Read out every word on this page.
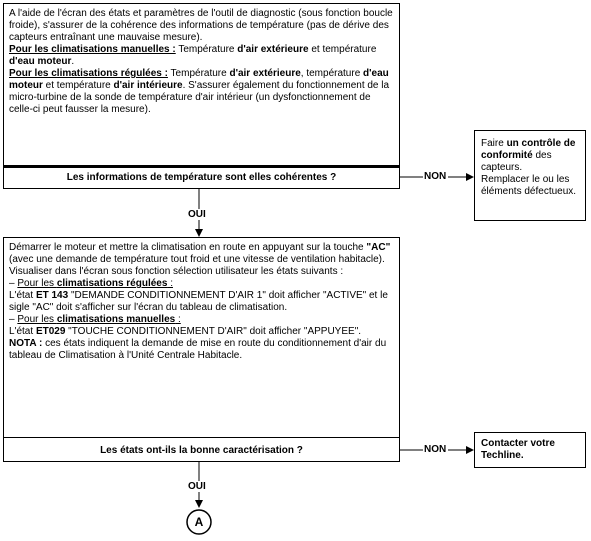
A l'aide de l'écran des états et paramètres de l'outil de diagnostic (sous fonction boucle froide), s'assurer de la cohérence des informations de température (pas de dérive des capteurs entraînant une mauvaise mesure).

Pour les climatisations manuelles : Température d'air extérieure et température d'eau moteur.

Pour les climatisations régulées : Température d'air extérieure, température d'eau moteur et température d'air intérieure. S'assurer également du fonctionnement de la micro-turbine de la sonde de température d'air intérieur (un dysfonctionnement de celle-ci peut fausser la mesure).

Les informations de température sont elles cohérentes ?	NON
OUI

Faire un contrôle de conformité des capteurs.

Remplacer le ou les éléments défectueux.

Démarrer le moteur et mettre la climatisation en route en appuyant sur la touche "AC" (avec une demande de température tout froid et une vitesse de ventilation habitacle).

Visualiser dans l'écran sous fonction sélection utilisateur les états suivants :

– Pour les climatisations régulées :

L'état ET 143 "DEMANDE CONDITIONNEMENT D'AIR 1" doit afficher "ACTIVE" et le sigle "AC" doit s'afficher sur l'écran du tableau de climatisation.

– Pour les climatisations manuelles :

L'état ET029 "TOUCHE CONDITIONNEMENT D'AIR" doit afficher "APPUYEE".

NOTA : ces états indiquent la demande de mise en route du conditionnement d'air du tableau de Climatisation à l'Unité Centrale Habitacle.

Les états ont-ils la bonne caractérisation ?	NON
OUI
Contacter votre Techline.
A
